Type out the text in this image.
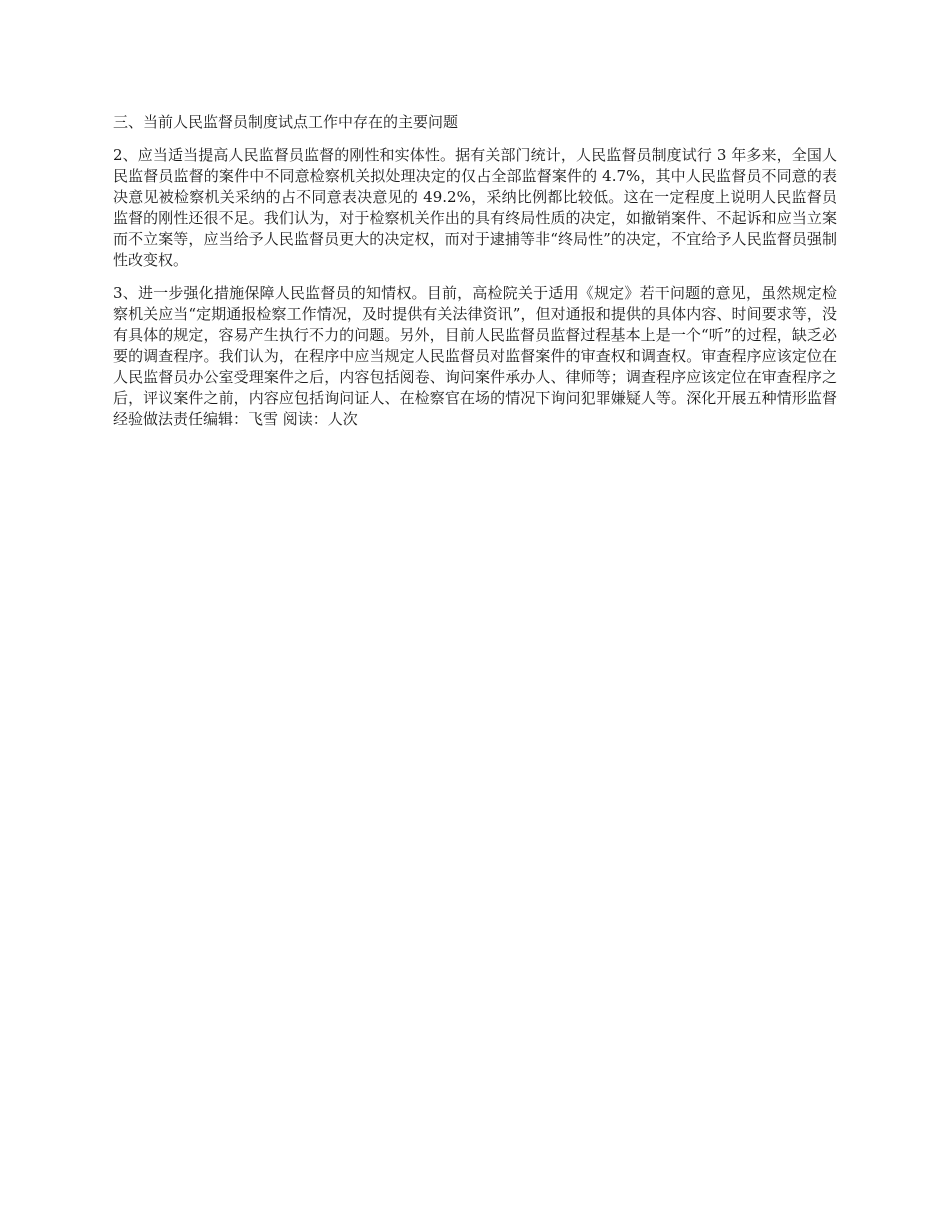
三、当前人民监督员制度试点工作中存在的主要问题

2、应当适当提高人民监督员监督的刚性和实体性。据有关部门统计，人民监督员制度试行 3 年多来，全国人民监督员监督的案件中不同意检察机关拟处理决定的仅占全部监督案件的 4.7%，其中人民监督员不同意的表决意见被检察机关采纳的占不同意表决意见的 49.2%，采纳比例都比较低。这在一定程度上说明人民监督员监督的刚性还很不足。我们认为，对于检察机关作出的具有终局性质的决定，如撤销案件、不起诉和应当立案而不立案等，应当给予人民监督员更大的决定权，而对于逮捕等非“终局性”的决定，不宜给予人民监督员强制性改变权。

3、进一步强化措施保障人民监督员的知情权。目前，高检院关于适用《规定》若干问题的意见，虽然规定检察机关应当“定期通报检察工作情况，及时提供有关法律资讯”，但对通报和提供的具体内容、时间要求等，没有具体的规定，容易产生执行不力的问题。另外，目前人民监督员监督过程基本上是一个“听”的过程，缺乏必要的调查程序。我们认为，在程序中应当规定人民监督员对监督案件的审查权和调查权。审查程序应该定位在人民监督员办公室受理案件之后，内容包括阅卷、询问案件承办人、律师等；调查程序应该定位在审查程序之后，评议案件之前，内容应包括询问证人、在检察官在场的情况下询问犯罪嫌疑人等。深化开展五种情形监督经验做法责任编辑：飞雪 阅读：人次
